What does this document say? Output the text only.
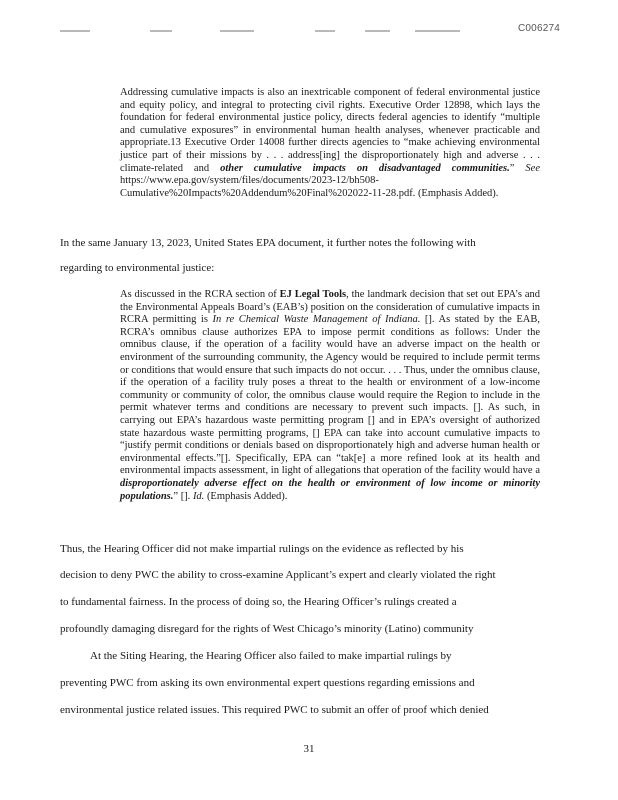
C006274

Addressing cumulative impacts is also an inextricable component of federal environmental justice and equity policy, and integral to protecting civil rights. Executive Order 12898, which lays the foundation for federal environmental justice policy, directs federal agencies to identify “multiple and cumulative exposures” in environmental human health analyses, whenever practicable and appropriate.13 Executive Order 14008 further directs agencies to “make achieving environmental justice part of their missions by . . . address[ing] the disproportionately high and adverse . . . climate-related and other cumulative impacts on disadvantaged communities.” See https://www.epa.gov/system/files/documents/2023-12/bh508-Cumulative%20Impacts%20Addendum%20Final%202022-11-28.pdf. (Emphasis Added).

In the same January 13, 2023, United States EPA document, it further notes the following with
regarding to environmental justice:

As discussed in the RCRA section of EJ Legal Tools, the landmark decision that set out EPA’s and the Environmental Appeals Board’s (EAB’s) position on the consideration of cumulative impacts in RCRA permitting is In re Chemical Waste Management of Indiana. []. As stated by the EAB, RCRA’s omnibus clause authorizes EPA to impose permit conditions as follows: Under the omnibus clause, if the operation of a facility would have an adverse impact on the health or environment of the surrounding community, the Agency would be required to include permit terms or conditions that would ensure that such impacts do not occur. . . . Thus, under the omnibus clause, if the operation of a facility truly poses a threat to the health or environment of a low-income community or community of color, the omnibus clause would require the Region to include in the permit whatever terms and conditions are necessary to prevent such impacts. []. As such, in carrying out EPA’s hazardous waste permitting program [] and in EPA’s oversight of authorized state hazardous waste permitting programs, [] EPA can take into account cumulative impacts to “justify permit conditions or denials based on disproportionately high and adverse human health or environmental effects.”[]. Specifically, EPA can “tak[e] a more refined look at its health and environmental impacts assessment, in light of allegations that operation of the facility would have a disproportionately adverse effect on the health or environment of low income or minority populations.” []. Id. (Emphasis Added).

Thus, the Hearing Officer did not make impartial rulings on the evidence as reflected by his
decision to deny PWC the ability to cross-examine Applicant’s expert and clearly violated the right
to fundamental fairness. In the process of doing so, the Hearing Officer’s rulings created a
profoundly damaging disregard for the rights of West Chicago’s minority (Latino) community
At the Siting Hearing, the Hearing Officer also failed to make impartial rulings by
preventing PWC from asking its own environmental expert questions regarding emissions and
environmental justice related issues. This required PWC to submit an offer of proof which denied
31
